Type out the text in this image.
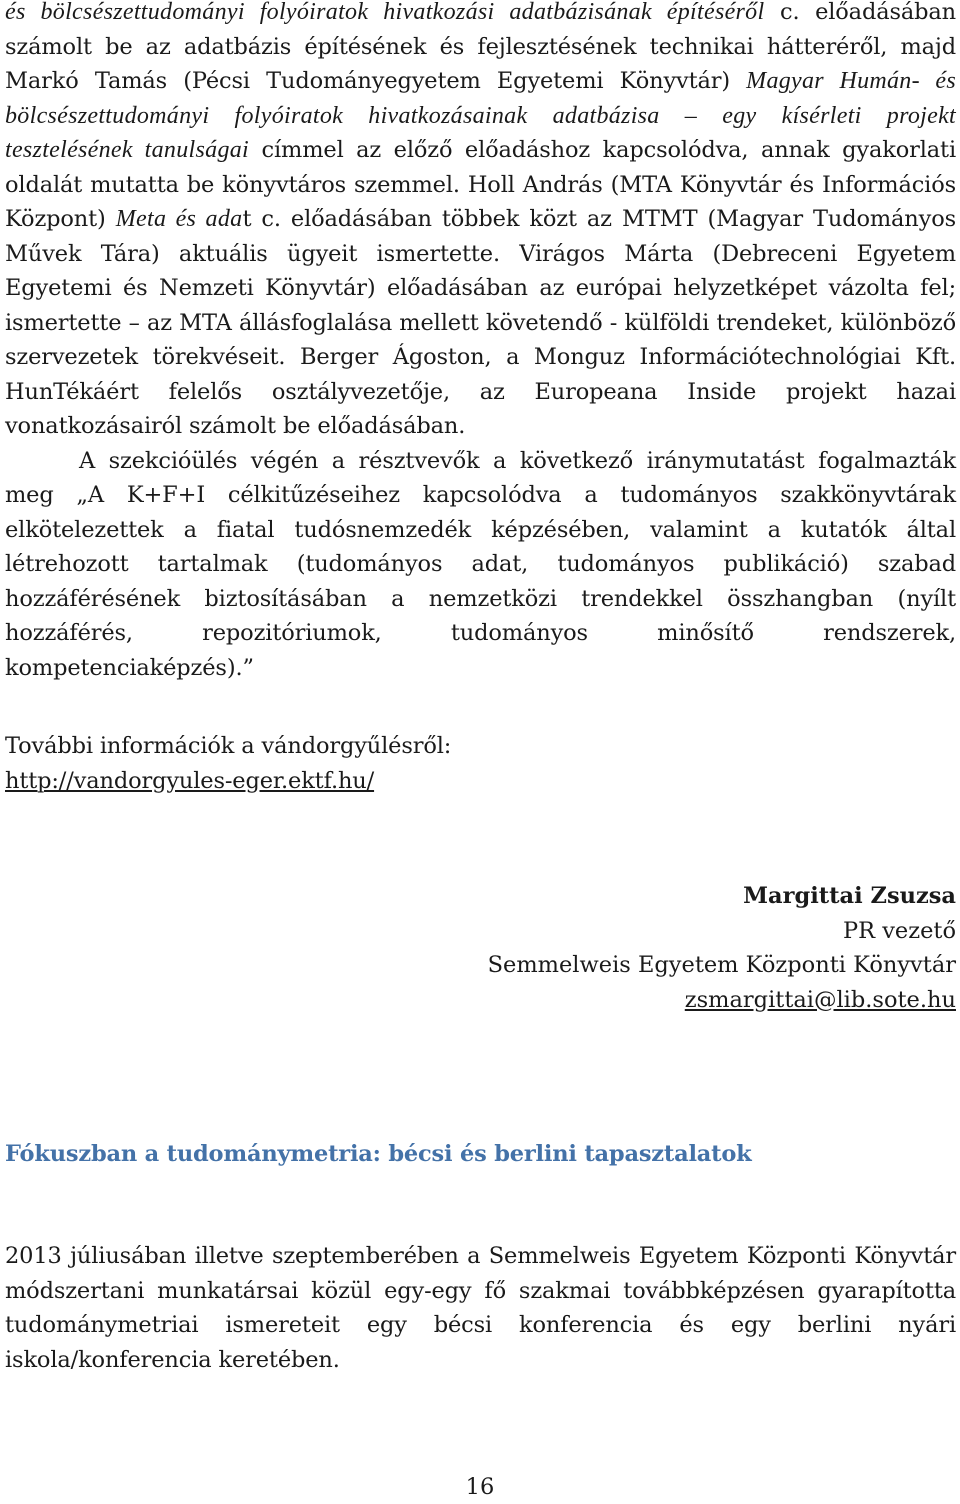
és bölcsészettudományi folyóiratok hivatkozási adatbázisának építéséről c. előadásában számolt be az adatbázis építésének és fejlesztésének technikai hátteréről, majd Markó Tamás (Pécsi Tudományegyetem Egyetemi Könyvtár) Magyar Humán- és bölcsészettudományi folyóiratok hivatkozásainak adatbázisa – egy kísérleti projekt tesztelésének tanulságai címmel az előző előadáshoz kapcsolódva, annak gyakorlati oldalát mutatta be könyvtáros szemmel. Holl András (MTA Könyvtár és Információs Központ) Meta és adat c. előadásában többek közt az MTMT (Magyar Tudományos Művek Tára) aktuális ügyeit ismertette. Virágos Márta (Debreceni Egyetem Egyetemi és Nemzeti Könyvtár) előadásában az európai helyzetképet vázolta fel; ismertette – az MTA állásfoglalása mellett követendő - külföldi trendeket, különböző szervezetek törekvéseit. Berger Ágoston, a Monguz Információtechnológiai Kft. HunTékáért felelős osztályvezetője, az Europeana Inside projekt hazai vonatkozásairól számolt be előadásában.

A szekcióülés végén a résztvevők a következő iránymutatást fogalmazták meg „A K+F+I célkitűzéseihez kapcsolódva a tudományos szakkönyvtárak elkötelezettek a fiatal tudósnemzedék képzésében, valamint a kutatók által létrehozott tartalmak (tudományos adat, tudományos publikáció) szabad hozzáférésének biztosításában a nemzetközi trendekkel összhangban (nyílt hozzáférés, repozitóriumok, tudományos minősítő rendszerek, kompetenciaképzés).”

További információk a vándorgyűlésről:
http://vandorgyules-eger.ektf.hu/
Margittai Zsuzsa
PR vezető
Semmelweis Egyetem Központi Könyvtár
zsmargittai@lib.sote.hu
Fókuszban a tudománymetria: bécsi és berlini tapasztalatok

2013 júliusában illetve szeptemberében a Semmelweis Egyetem Központi Könyvtár módszertani munkatársai közül egy-egy fő szakmai továbbképzésen gyarapította tudománymetriai ismereteit egy bécsi konferencia és egy berlini nyári iskola/konferencia keretében.

16
